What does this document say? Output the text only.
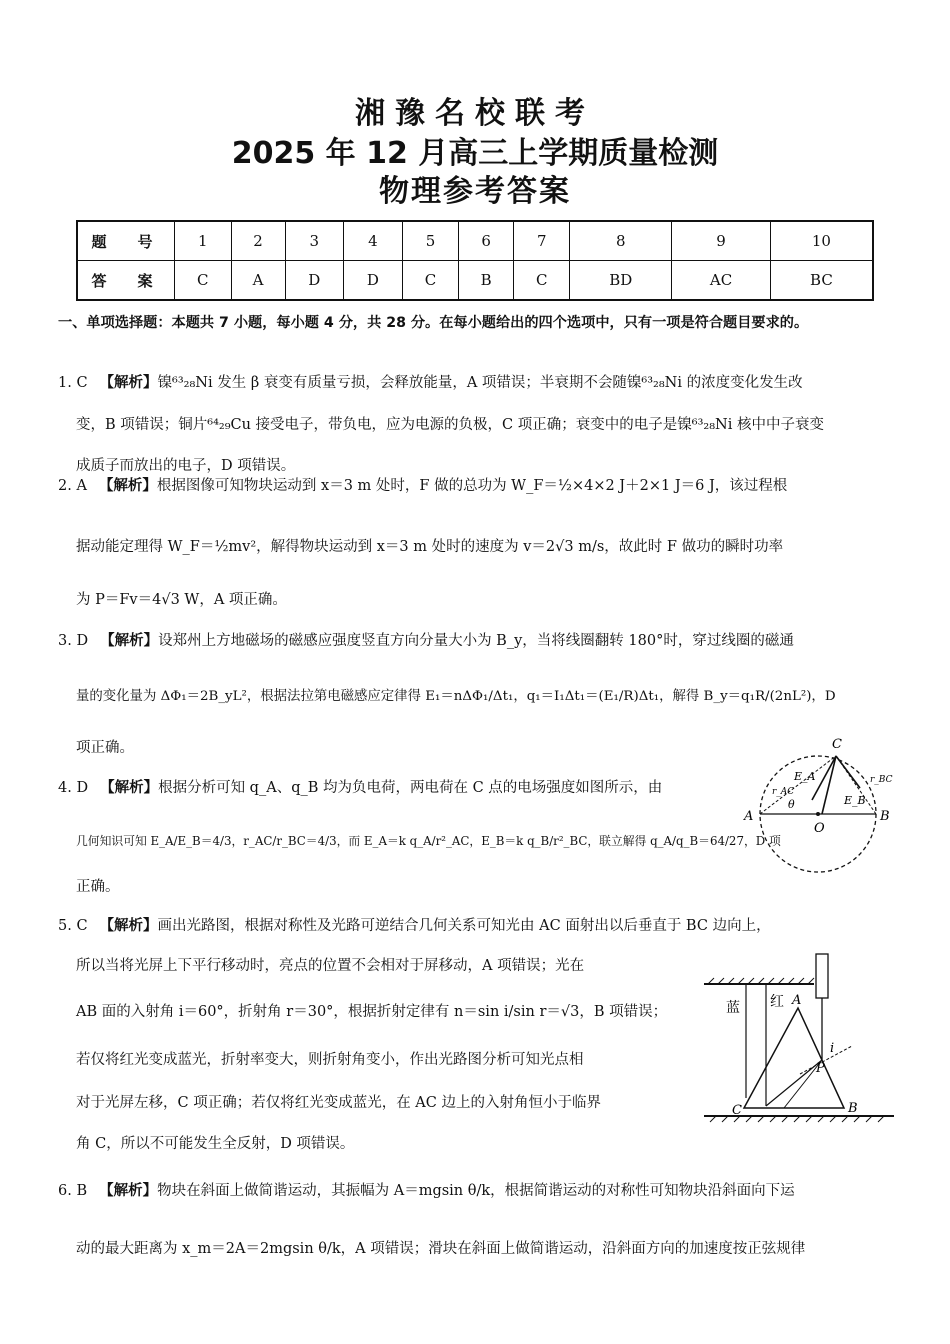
湘豫名校联考
2025 年 12 月高三上学期质量检测
物理参考答案
题　号	1	2	3	4	5	6	7	8	9	10
答　案	C	A	D	D	C	B	C	BD	AC	BC
一、单项选择题：本题共 7 小题，每小题 4 分，共 28 分。在每小题给出的四个选项中，只有一项是符合题目要求的。
1. C 【解析】镍⁶³₂₈Ni 发生 β 衰变有质量亏损，会释放能量，A 项错误；半衰期不会随镍⁶³₂₈Ni 的浓度变化发生改
变，B 项错误；铜片⁶⁴₂₉Cu 接受电子，带负电，应为电源的负极，C 项正确；衰变中的电子是镍⁶³₂₈Ni 核中中子衰变
成质子而放出的电子，D 项错误。
2. A 【解析】根据图像可知物块运动到 x＝3 m 处时，F 做的总功为 W_F＝½×4×2 J＋2×1 J＝6 J，该过程根
据动能定理得 W_F＝½mv²，解得物块运动到 x＝3 m 处时的速度为 v＝2√3 m/s，故此时 F 做功的瞬时功率
为 P＝Fv＝4√3 W，A 项正确。
3. D 【解析】设郑州上方地磁场的磁感应强度竖直方向分量大小为 B_y，当将线圈翻转 180°时，穿过线圈的磁通
量的变化量为 ΔΦ₁＝2B_yL²，根据法拉第电磁感应定律得 E₁＝nΔΦ₁/Δt₁，q₁＝I₁Δt₁＝(E₁/R)Δt₁，解得 B_y＝q₁R/(2nL²)，D
项正确。
4. D 【解析】根据分析可知 q_A、q_B 均为负电荷，两电荷在 C 点的电场强度如图所示，由
几何知识可知 E_A/E_B＝4/3，r_AC/r_BC＝4/3，而 E_A＝k q_A/r²_AC，E_B＝k q_B/r²_BC，联立解得 q_A/q_B＝64/27，D 项
正确。
C
E_A
r_AC
θ	E_B
r_BC
A
O
B
5. C 【解析】画出光路图，根据对称性及光路可逆结合几何关系可知光由 AC 面射出以后垂直于 BC 边向上，
所以当将光屏上下平行移动时，亮点的位置不会相对于屏移动，A 项错误；光在
AB 面的入射角 i＝60°，折射角 r＝30°，根据折射定律有 n＝sin i/sin r＝√3，B 项错误；
若仅将红光变成蓝光，折射率变大，则折射角变小，作出光路图分析可知光点相
对于光屏左移，C 项正确；若仅将红光变成蓝光，在 AC 边上的入射角恒小于临界
角 C，所以不可能发生全反射，D 项错误。
蓝 红 A
i
P
C	B
6. B 【解析】物块在斜面上做简谐运动，其振幅为 A＝mgsin θ/k，根据简谐运动的对称性可知物块沿斜面向下运
动的最大距离为 x_m＝2A＝2mgsin θ/k，A 项错误；滑块在斜面上做简谐运动，沿斜面方向的加速度按正弦规律
